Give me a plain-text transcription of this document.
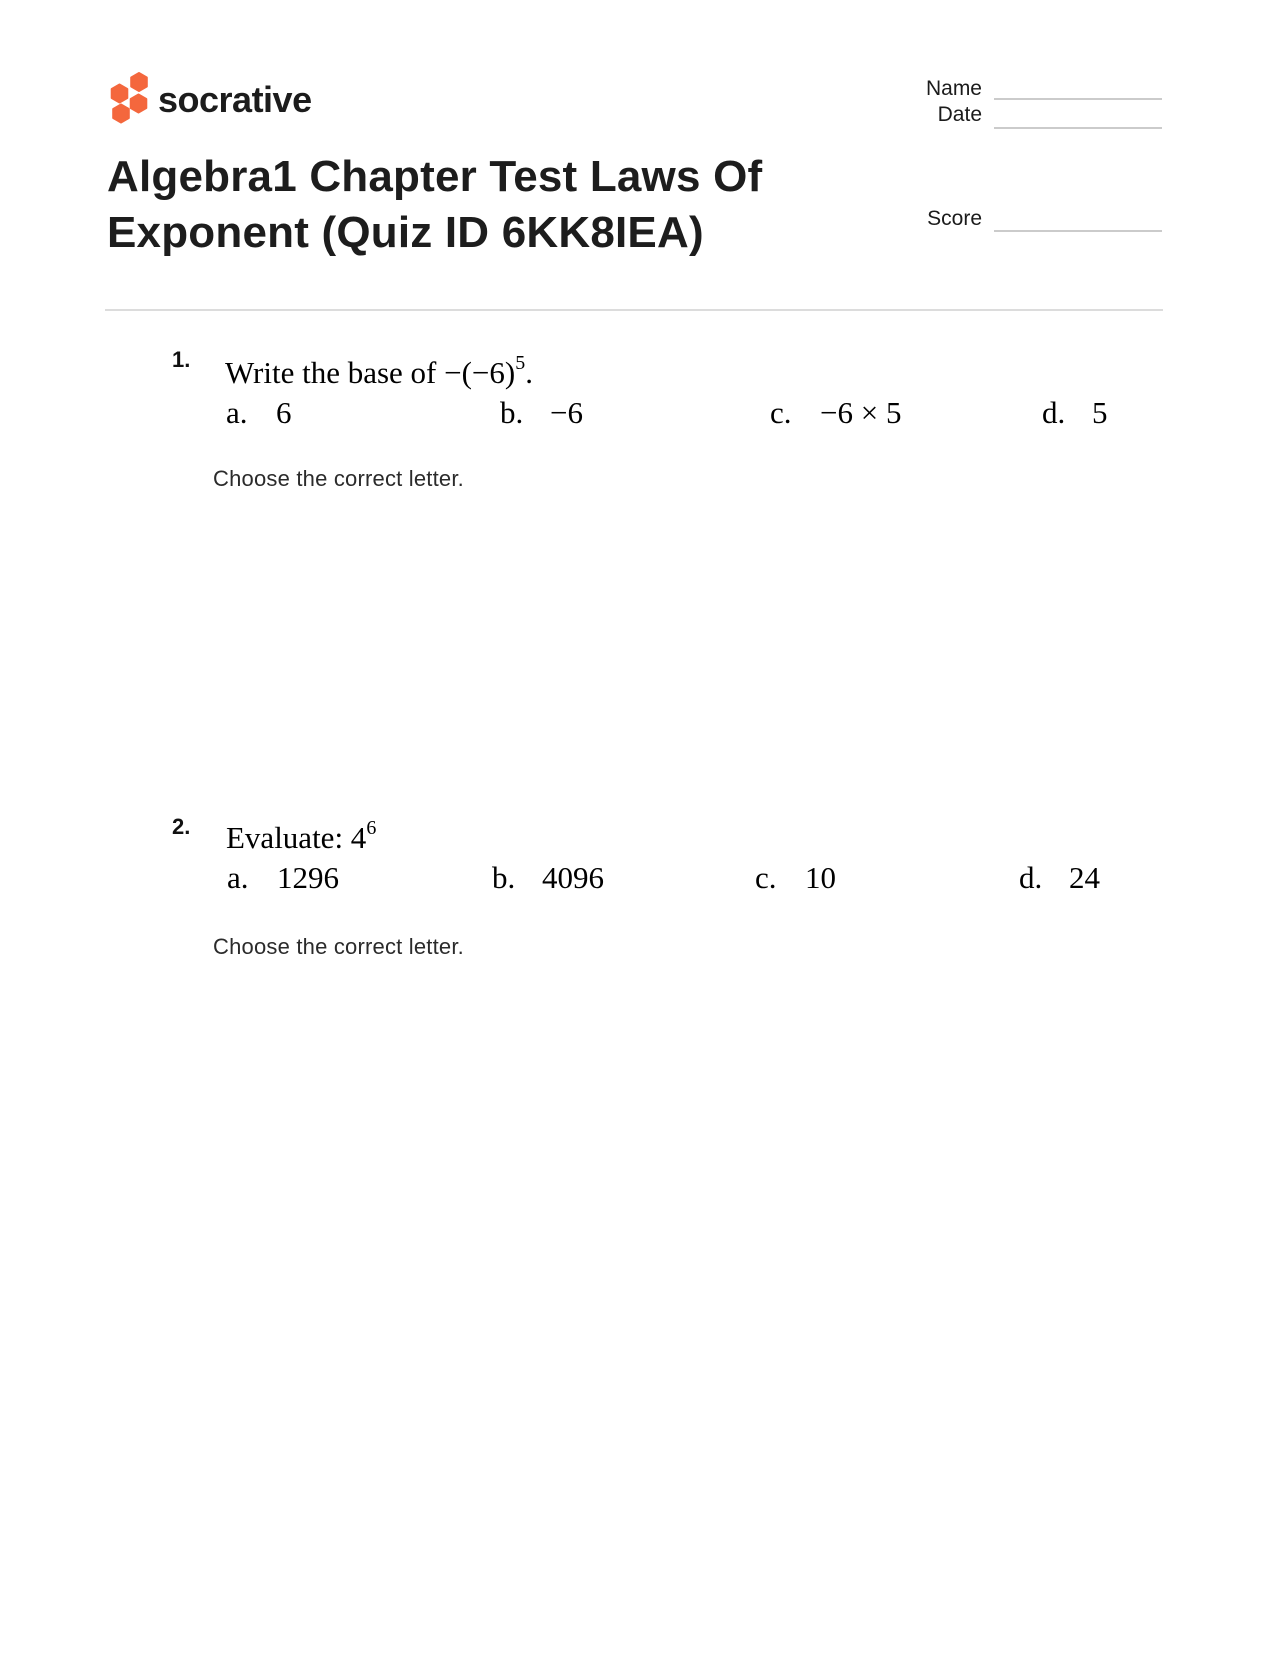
socrative	Name
Date
Score
Algebra1 Chapter Test Laws Of
Exponent (Quiz ID 6KK8IEA)
1. Write the base of $-(-6)^5$.
a. 6	b. −6	c. −6 × 5	d. 5
Choose the correct letter.
2. Evaluate: $4^6$
a. 1296	b. 4096	c. 10	d. 24
Choose the correct letter.
